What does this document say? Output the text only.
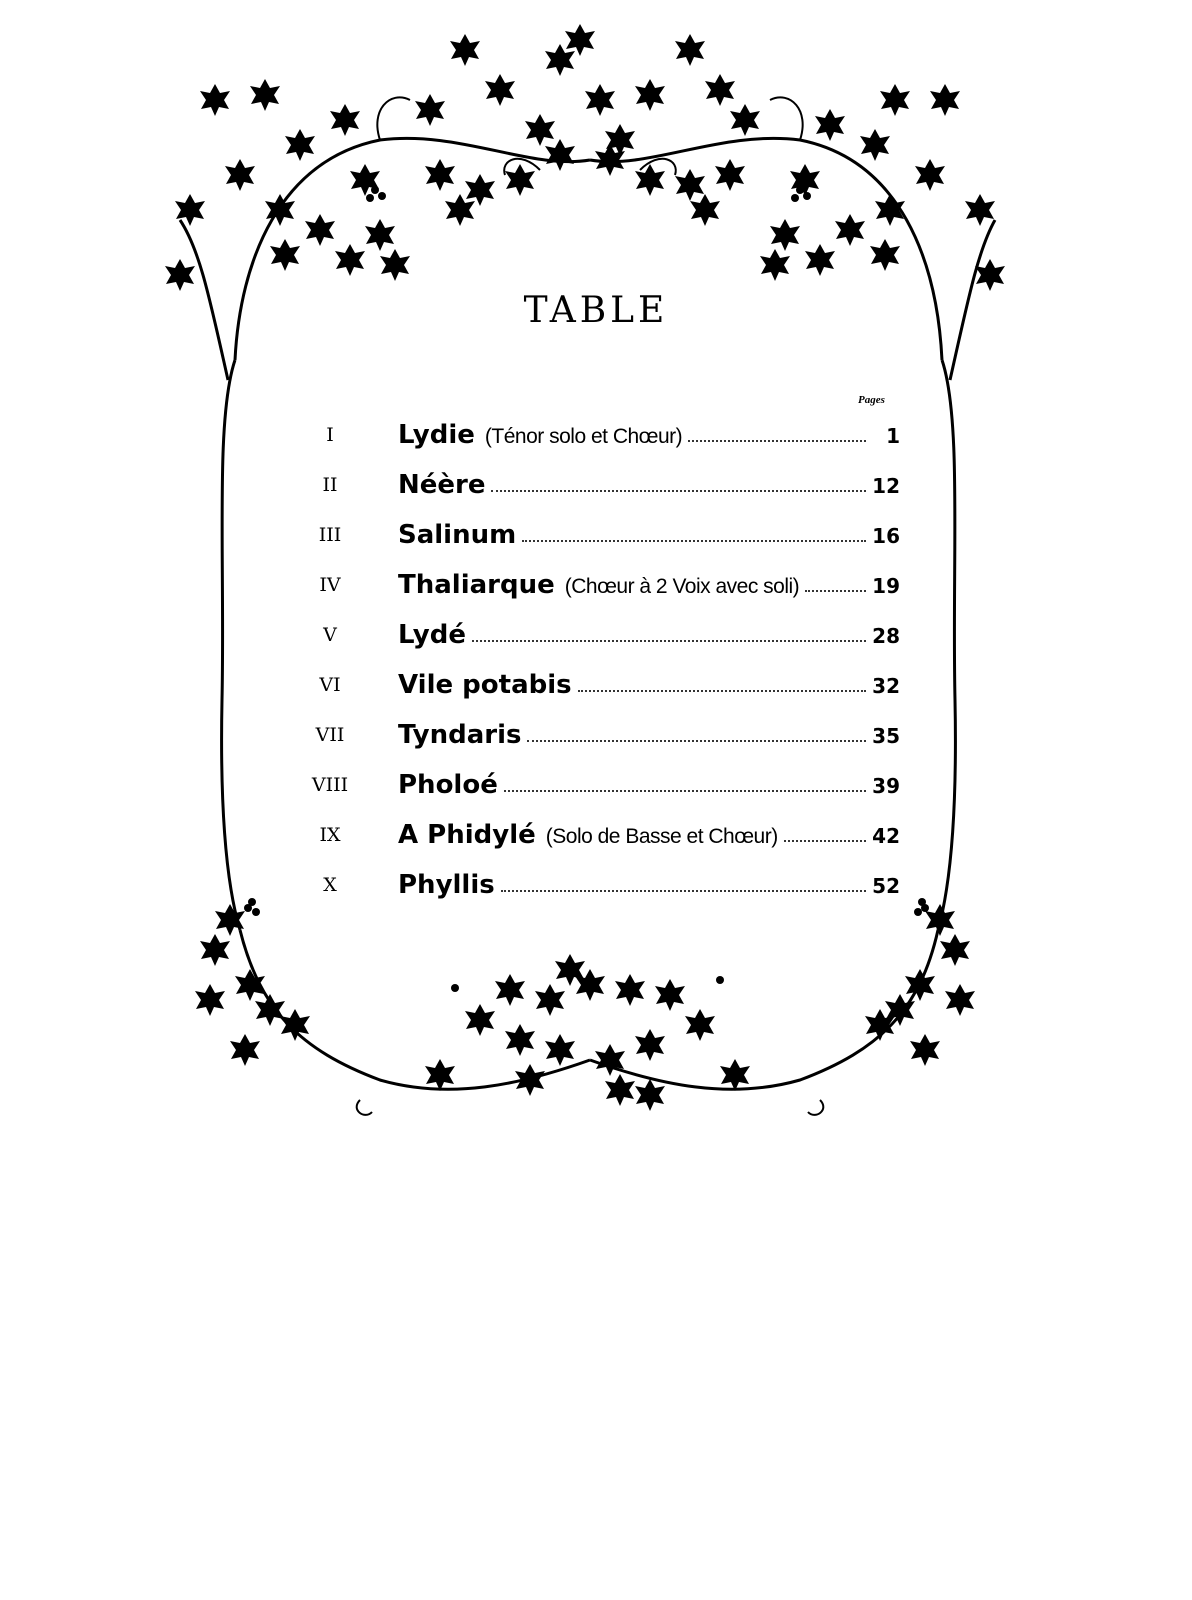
TABLE
Pages
I	Lydie (Ténor solo et Chœur)	1
II	Néère	12
III	Salinum	16
IV	Thaliarque (Chœur à 2 Voix avec soli)	19
V	Lydé	28
VI	Vile potabis	32
VII	Tyndaris	35
VIII	Pholoé	39
IX	A Phidylé (Solo de Basse et Chœur)	42
X	Phyllis	52
